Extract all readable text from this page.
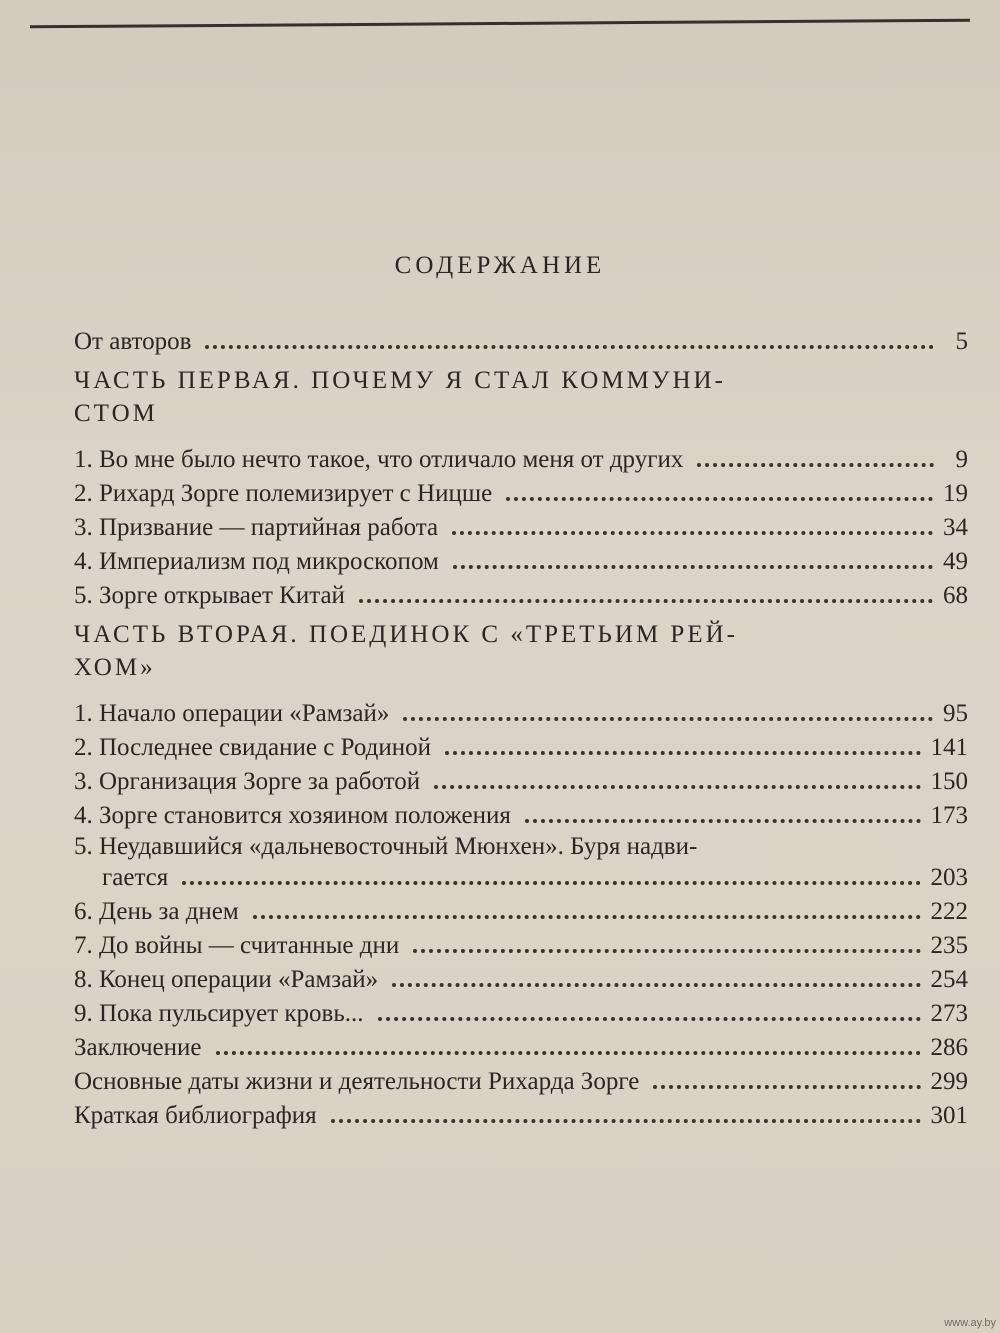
СОДЕРЖАНИЕ
От авторов	5
ЧАСТЬ ПЕРВАЯ. ПОЧЕМУ Я СТАЛ КОММУНИ-
СТОМ
1. Во мне было нечто такое, что отличало меня от других	9
2. Рихард Зорге полемизирует с Ницше	19
3. Призвание — партийная работа	34
4. Империализм под микроскопом	49
5. Зорге открывает Китай	68
ЧАСТЬ ВТОРАЯ. ПОЕДИНОК С «ТРЕТЬИМ РЕЙ-
ХОМ»
1. Начало операции «Рамзай»	95
2. Последнее свидание с Родиной	141
3. Организация Зорге за работой	150
4. Зорге становится хозяином положения	173
5. Неудавшийся «дальневосточный Мюнхен». Буря надви-
гается	203
6. День за днем	222
7. До войны — считанные дни	235
8. Конец операции «Рамзай»	254
9. Пока пульсирует кровь...	273
Заключение	286
Основные даты жизни и деятельности Рихарда Зорге	299
Краткая библиография	301
www.ay.by
